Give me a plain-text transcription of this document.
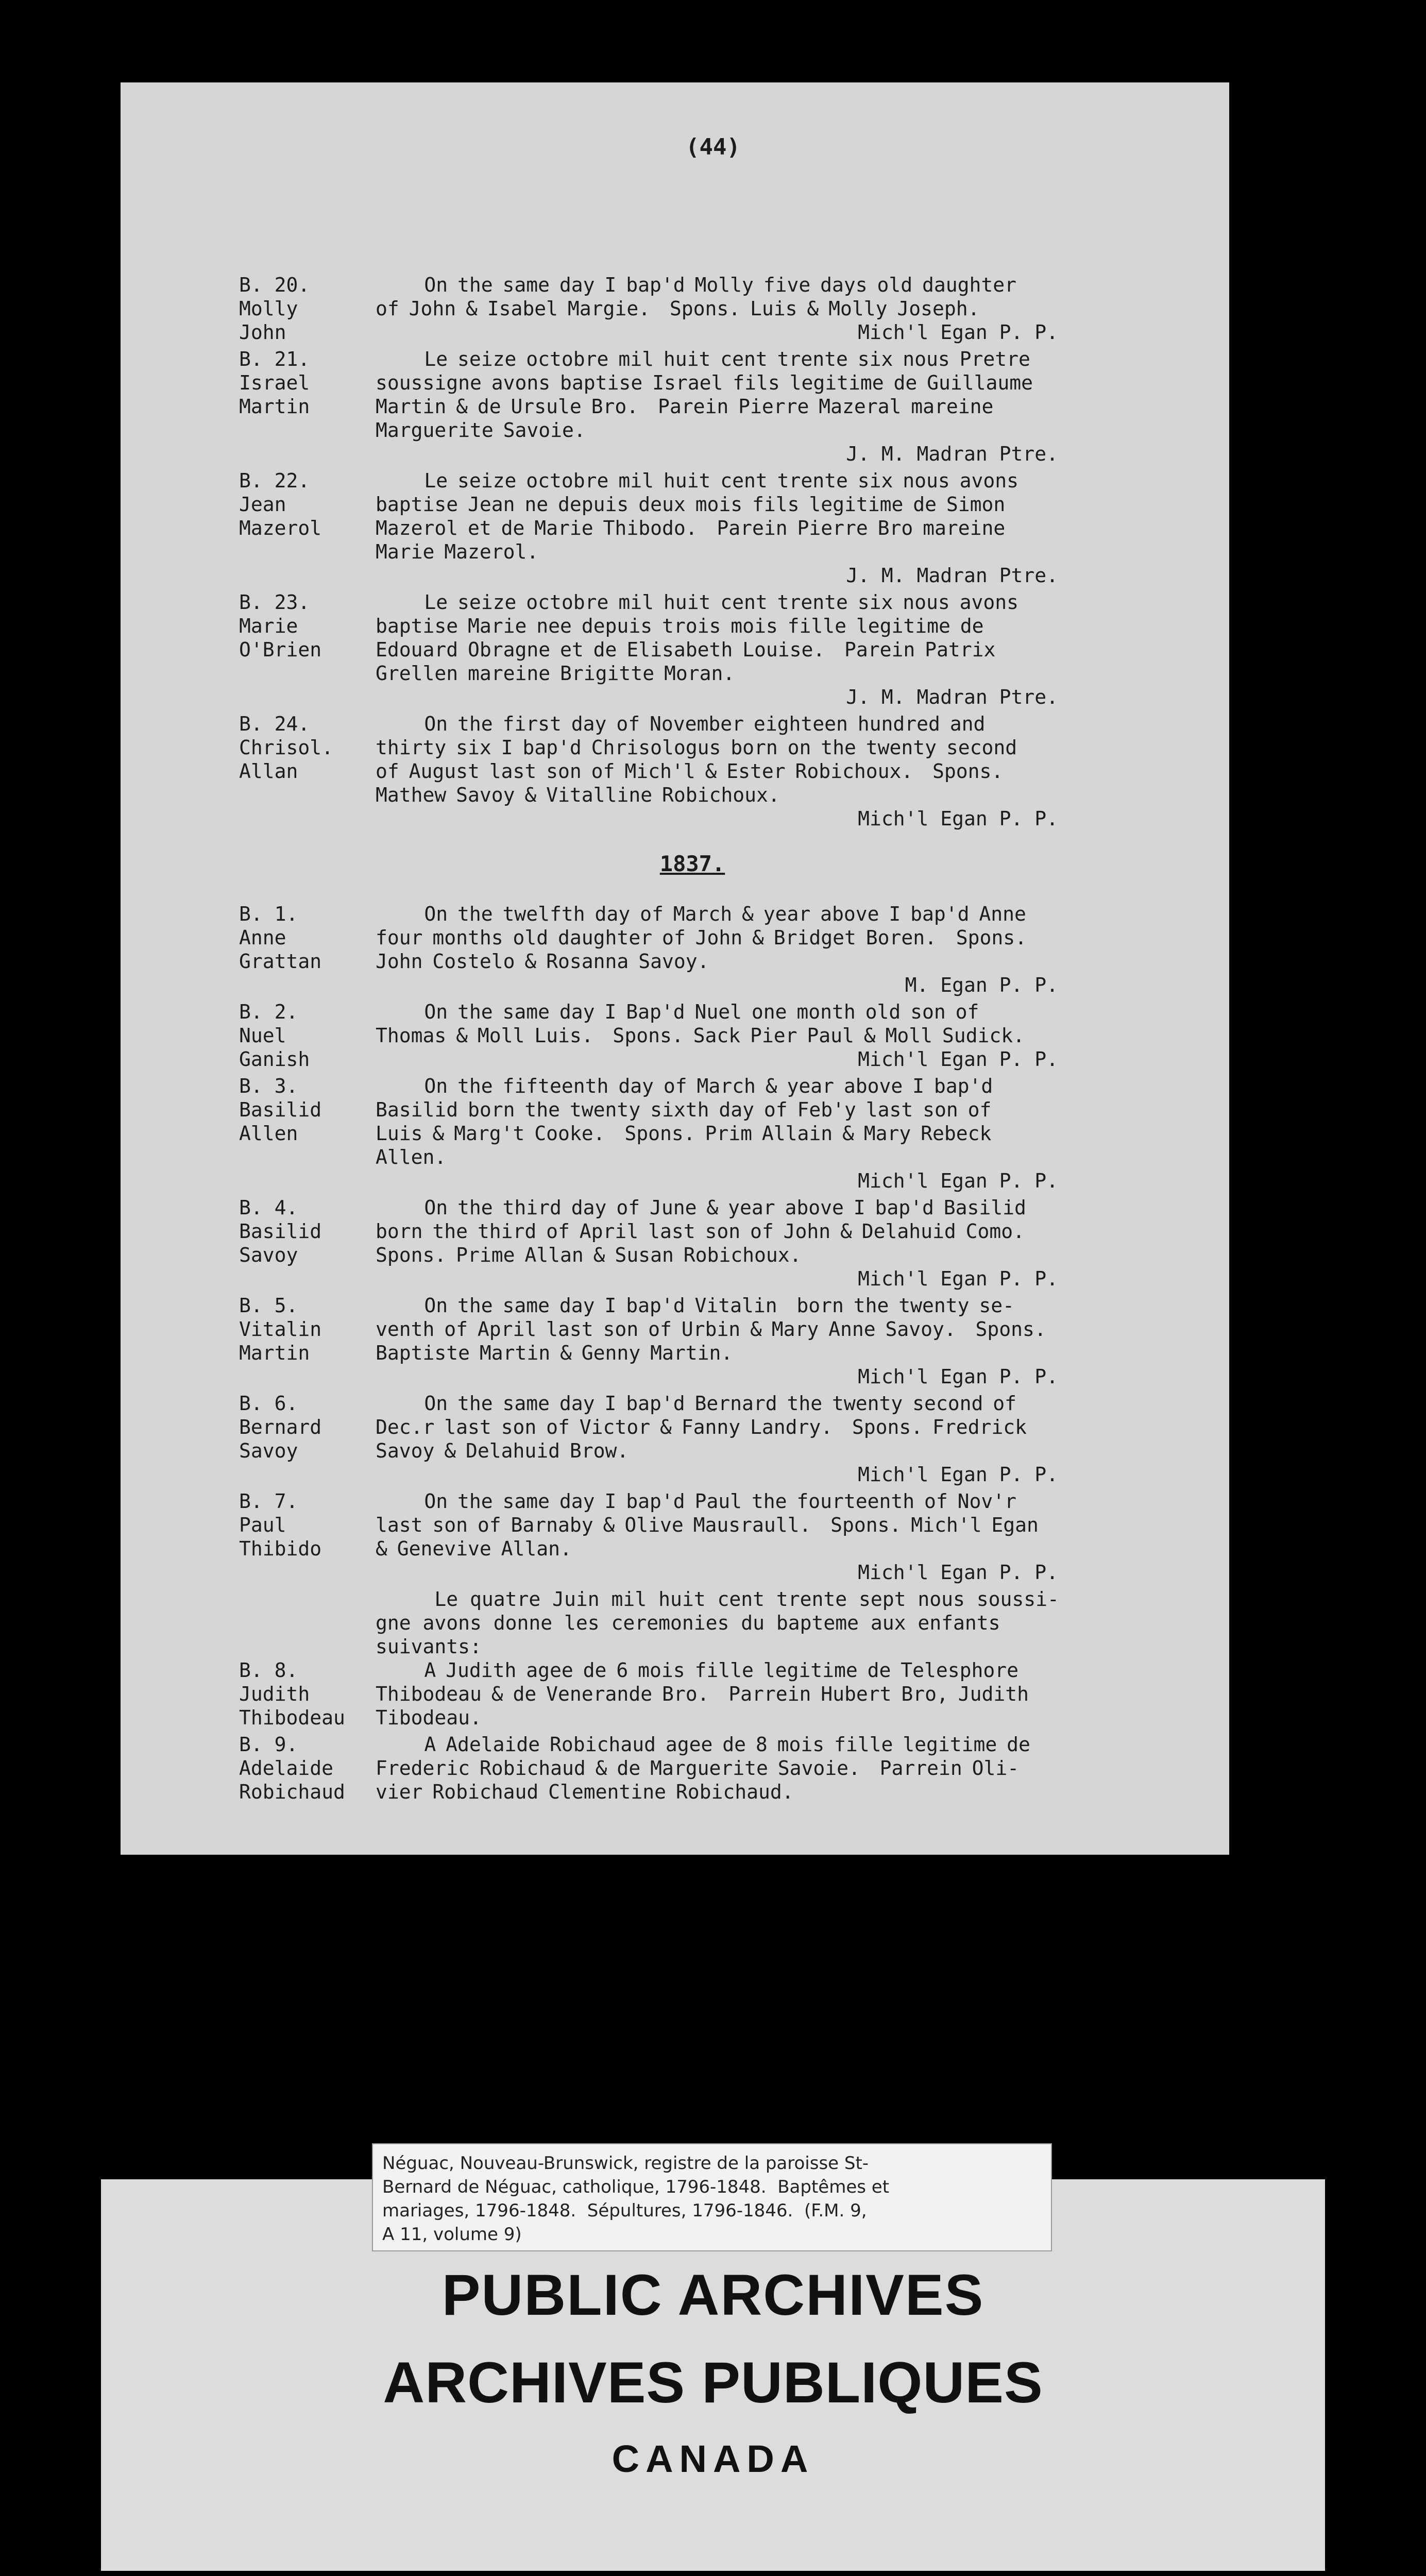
(44)
B. 20.
Molly
John
On the same day I bap'd Molly five days old daughter
of John & Isabel Margie.  Spons. Luis & Molly Joseph.
Mich'l Egan P. P.
B. 21.
Israel
Martin
Le seize octobre mil huit cent trente six nous Pretre
soussigne avons baptise Israel fils legitime de Guillaume
Martin & de Ursule Bro.  Parein Pierre Mazeral mareine
Marguerite Savoie.
J. M. Madran Ptre.
B. 22.
Jean
Mazerol
Le seize octobre mil huit cent trente six nous avons
baptise Jean ne depuis deux mois fils legitime de Simon
Mazerol et de Marie Thibodo.  Parein Pierre Bro mareine
Marie Mazerol.
J. M. Madran Ptre.
B. 23.
Marie
O'Brien
Le seize octobre mil huit cent trente six nous avons
baptise Marie nee depuis trois mois fille legitime de
Edouard Obragne et de Elisabeth Louise.  Parein Patrix
Grellen mareine Brigitte Moran.
J. M. Madran Ptre.
B. 24.
Chrisol.
Allan
On the first day of November eighteen hundred and
thirty six I bap'd Chrisologus born on the twenty second
of August last son of Mich'l & Ester Robichoux.  Spons.
Mathew Savoy & Vitalline Robichoux.
Mich'l Egan P. P.
1837.
B. 1.
Anne
Grattan
On the twelfth day of March & year above I bap'd Anne
four months old daughter of John & Bridget Boren.  Spons.
John Costelo & Rosanna Savoy.
M. Egan P. P.
B. 2.
Nuel
Ganish
On the same day I Bap'd Nuel one month old son of
Thomas & Moll Luis.  Spons. Sack Pier Paul & Moll Sudick.
Mich'l Egan P. P.
B. 3.
Basilid
Allen
On the fifteenth day of March & year above I bap'd
Basilid born the twenty sixth day of Feb'y last son of
Luis & Marg't Cooke.  Spons. Prim Allain & Mary Rebeck
Allen.
Mich'l Egan P. P.
B. 4.
Basilid
Savoy
On the third day of June & year above I bap'd Basilid
born the third of April last son of John & Delahuid Como.
Spons. Prime Allan & Susan Robichoux.
Mich'l Egan P. P.
B. 5.
Vitalin
Martin
On the same day I bap'd Vitalin  born the twenty se-
venth of April last son of Urbin & Mary Anne Savoy.  Spons.
Baptiste Martin & Genny Martin.
Mich'l Egan P. P.
B. 6.
Bernard
Savoy
On the same day I bap'd Bernard the twenty second of
Dec.r last son of Victor & Fanny Landry.  Spons. Fredrick
Savoy & Delahuid Brow.
Mich'l Egan P. P.
B. 7.
Paul
Thibido
On the same day I bap'd Paul the fourteenth of Nov'r
last son of Barnaby & Olive Mausraull.  Spons. Mich'l Egan
& Genevive Allan.
Mich'l Egan P. P.
Le quatre Juin mil huit cent trente sept nous soussi-
gne avons donne les ceremonies du bapteme aux enfants
suivants:
B. 8.
Judith
Thibodeau
A Judith agee de 6 mois fille legitime de Telesphore
Thibodeau & de Venerande Bro.  Parrein Hubert Bro, Judith
Tibodeau.
B. 9.
Adelaide
Robichaud
A Adelaide Robichaud agee de 8 mois fille legitime de
Frederic Robichaud & de Marguerite Savoie.  Parrein Oli-
vier Robichaud Clementine Robichaud.
PUBLIC ARCHIVES
ARCHIVES PUBLIQUES
CANADA
Néguac, Nouveau-Brunswick, registre de la paroisse St-
Bernard de Néguac, catholique, 1796-1848.  Baptêmes et
mariages, 1796-1848.  Sépultures, 1796-1846.  (F.M. 9,
A 11, volume 9)
